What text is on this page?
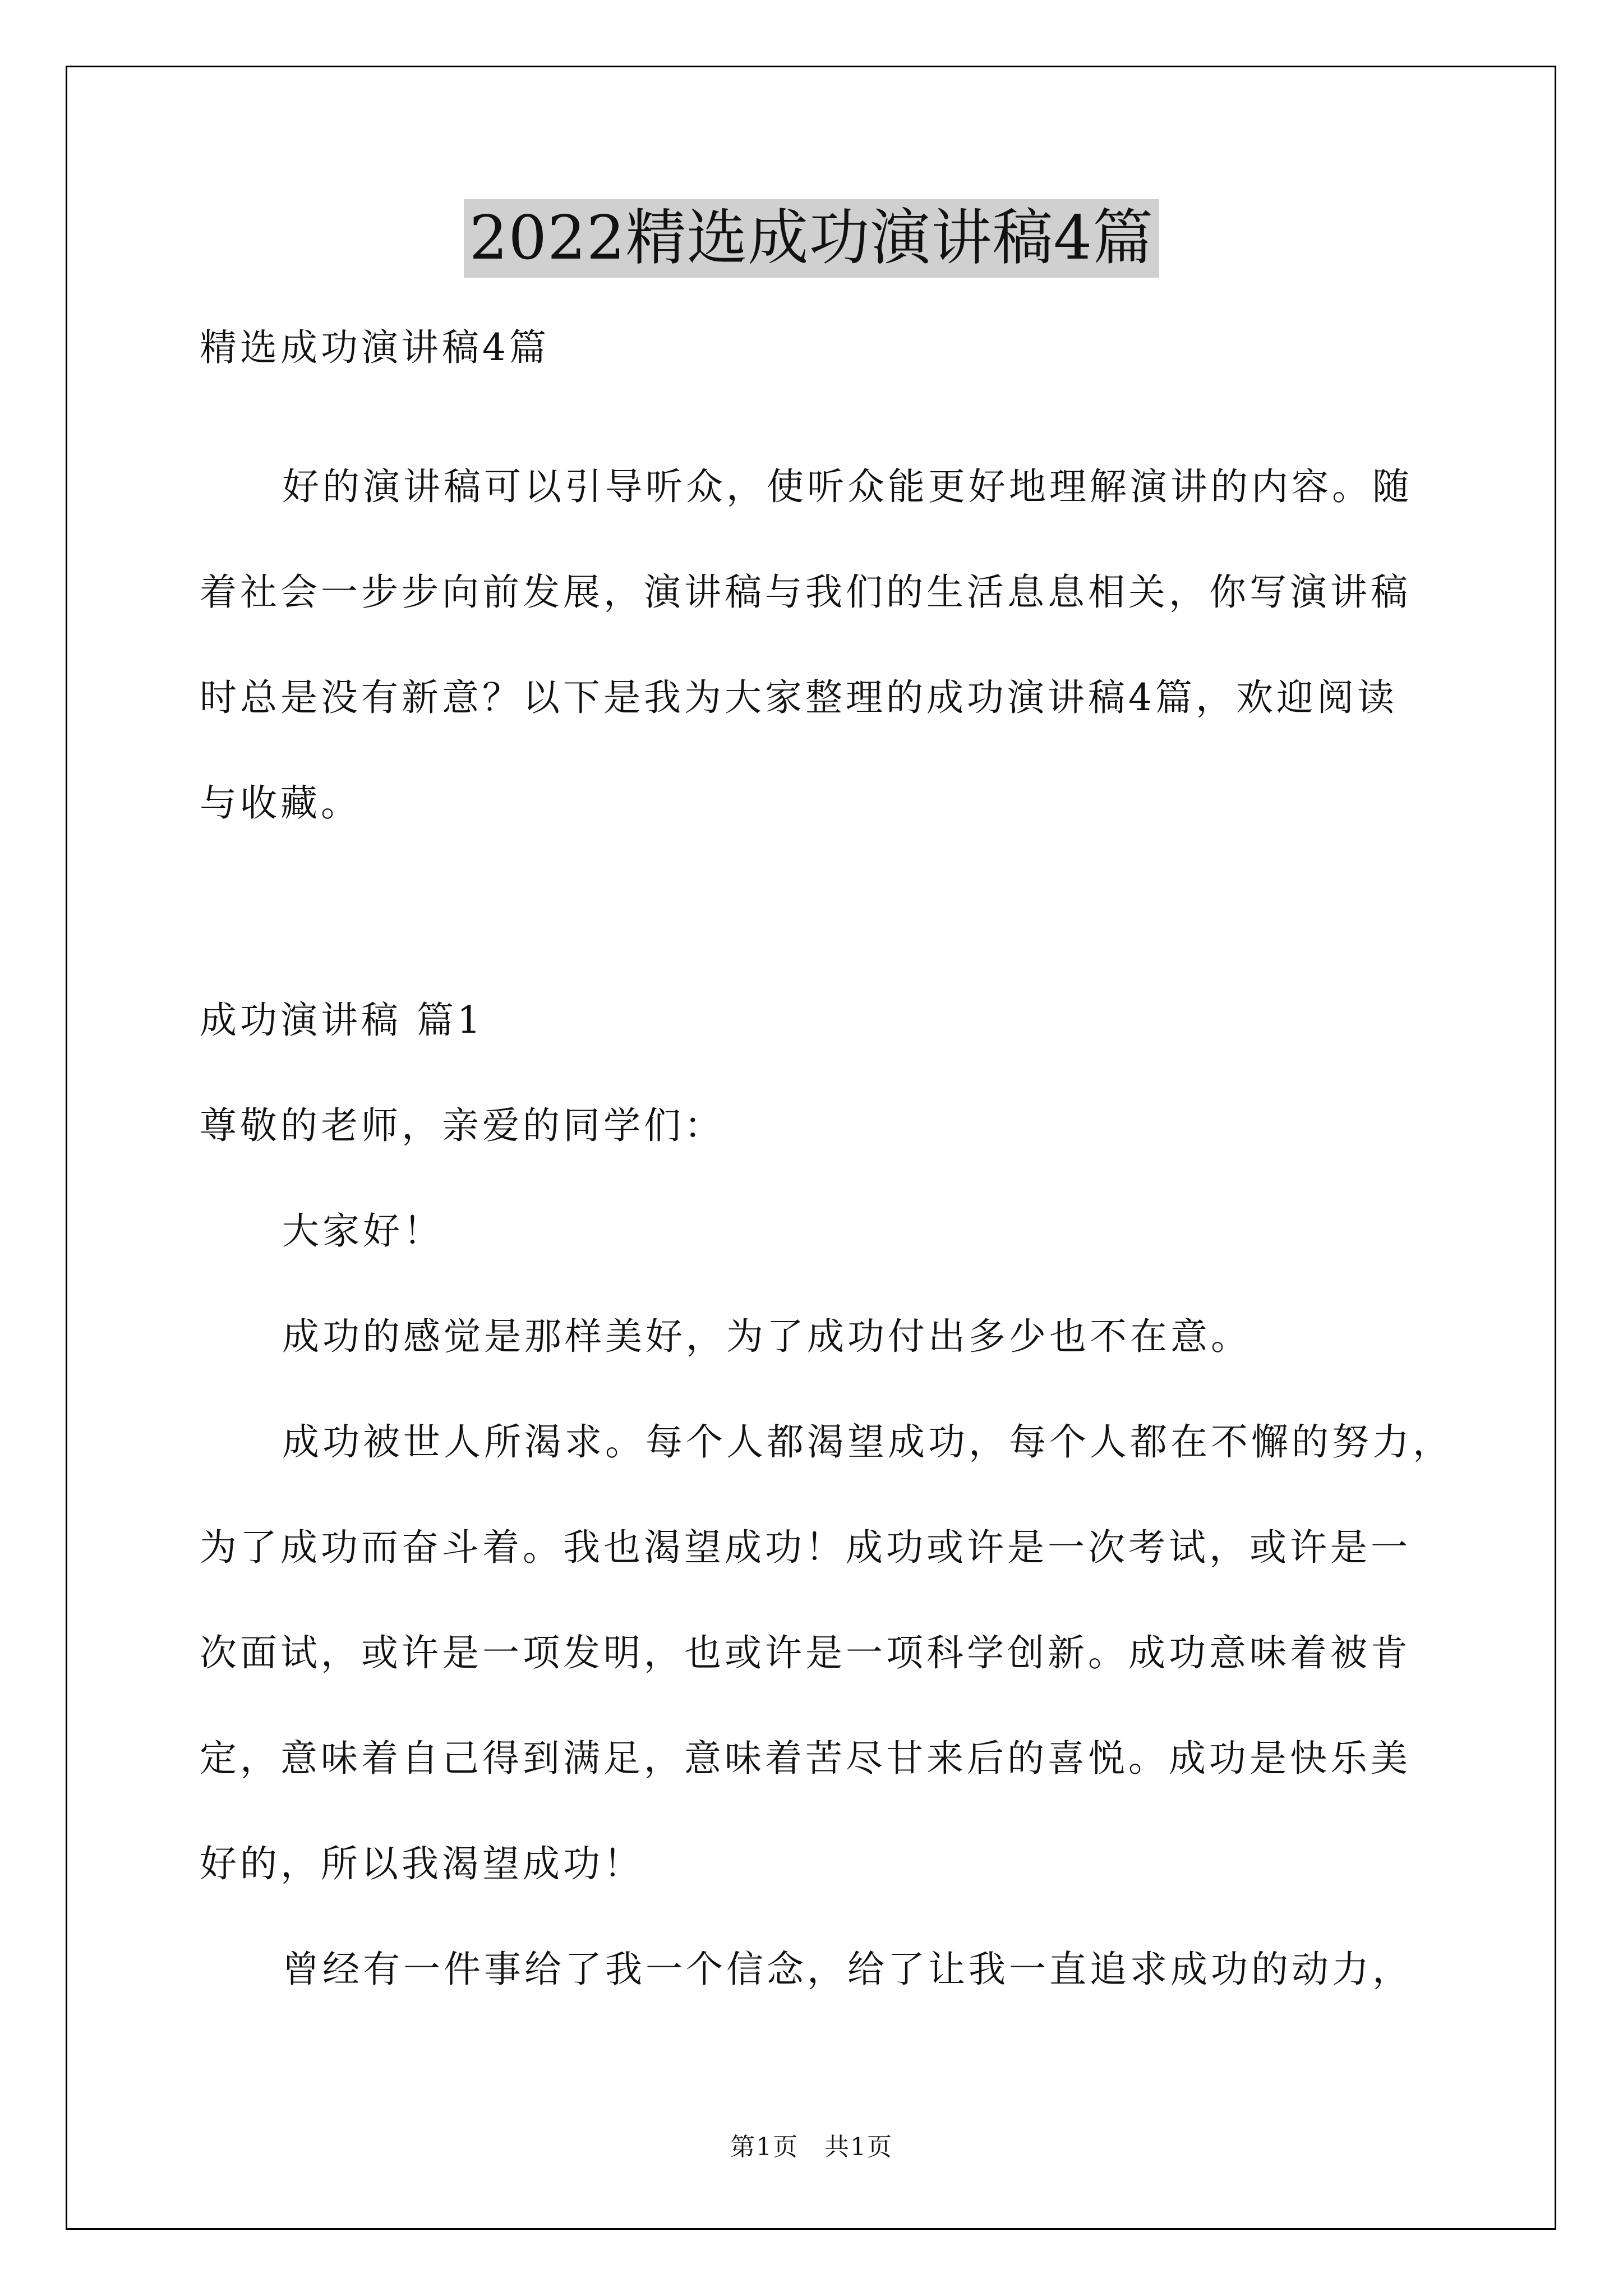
2022精选成功演讲稿4篇
精选成功演讲稿4篇
好的演讲稿可以引导听众，使听众能更好地理解演讲的内容。随
着社会一步步向前发展，演讲稿与我们的生活息息相关，你写演讲稿
时总是没有新意？以下是我为大家整理的成功演讲稿4篇，欢迎阅读
与收藏。
成功演讲稿 篇1
尊敬的老师，亲爱的同学们：
大家好！
成功的感觉是那样美好，为了成功付出多少也不在意。
成功被世人所渴求。每个人都渴望成功，每个人都在不懈的努力，
为了成功而奋斗着。我也渴望成功！成功或许是一次考试，或许是一
次面试，或许是一项发明，也或许是一项科学创新。成功意味着被肯
定，意味着自己得到满足，意味着苦尽甘来后的喜悦。成功是快乐美
好的，所以我渴望成功！
曾经有一件事给了我一个信念，给了让我一直追求成功的动力，
第1页　共1页
